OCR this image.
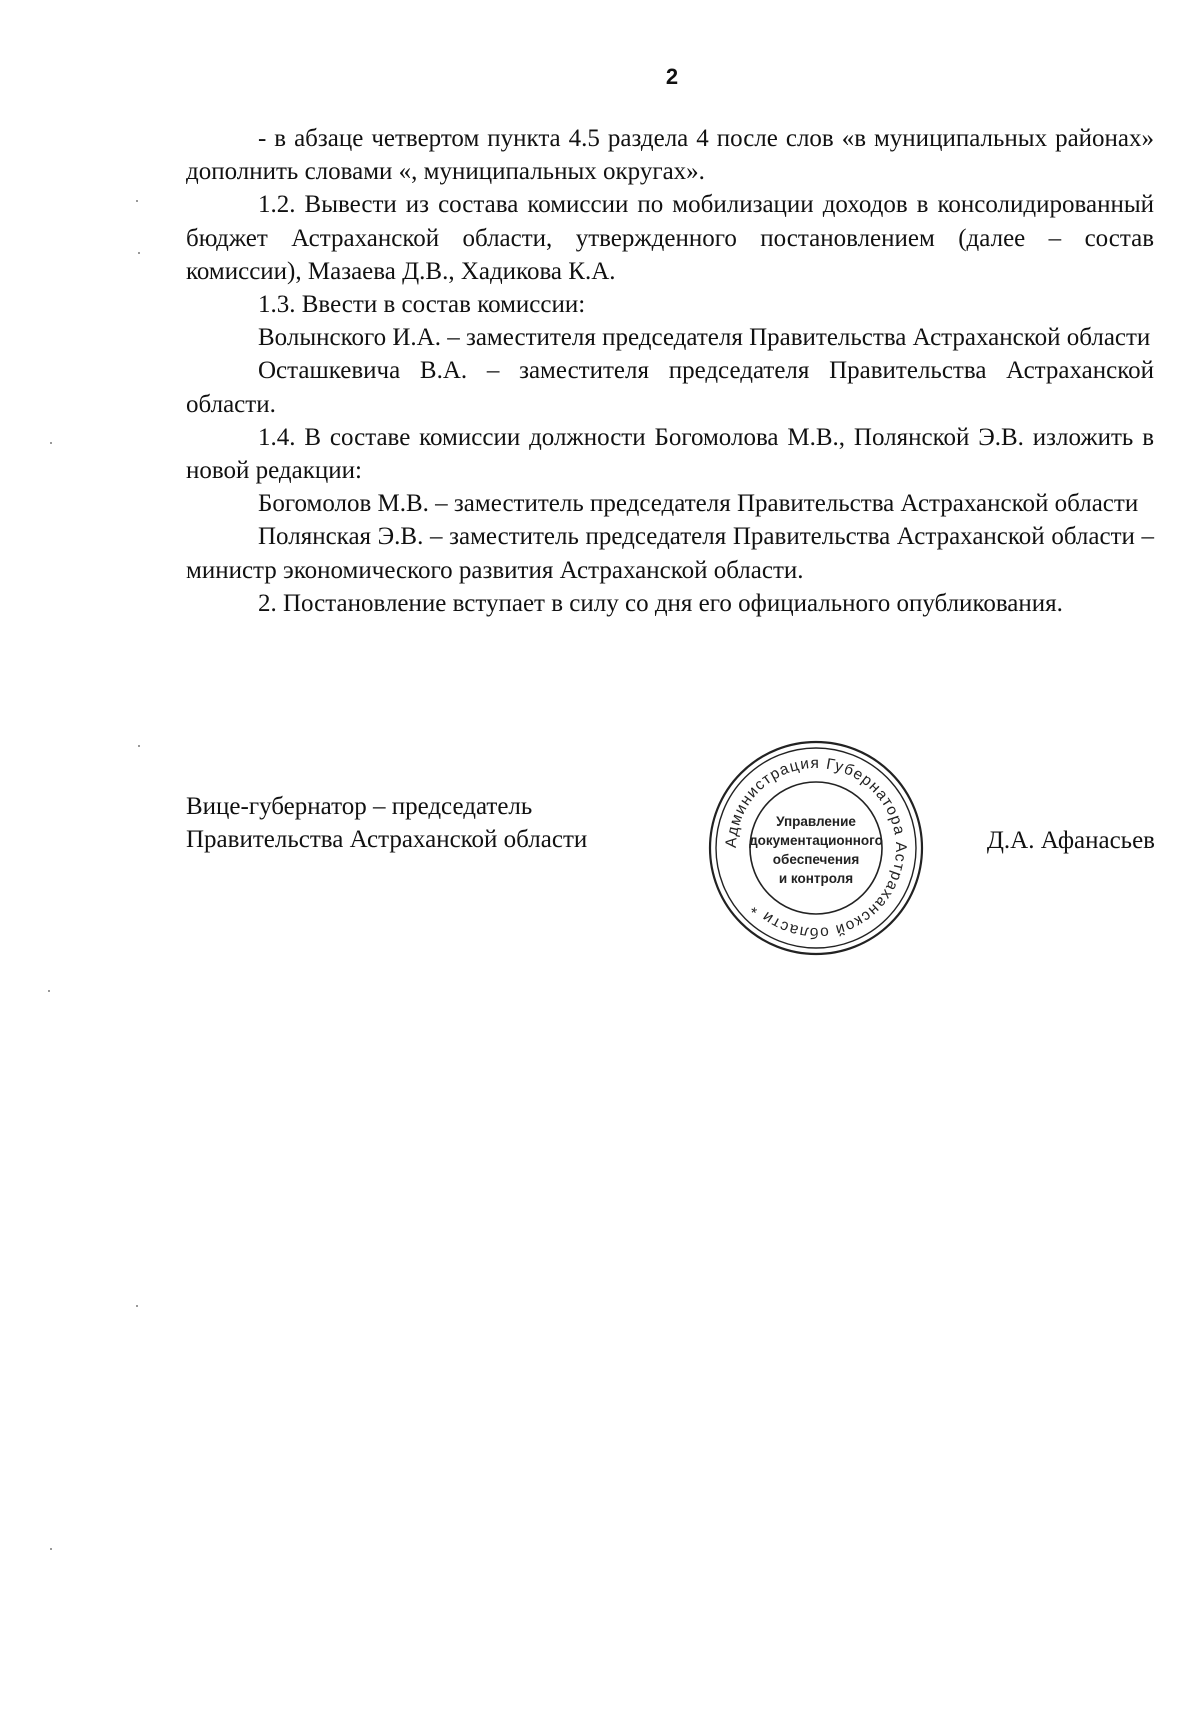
2

- в абзаце четвертом пункта 4.5 раздела 4 после слов «в муниципальных районах» дополнить словами «, муниципальных округах».

1.2. Вывести из состава комиссии по мобилизации доходов в консолидированный бюджет Астраханской области, утвержденного постановлением (далее – состав комиссии), Мазаева Д.В., Хадикова К.А.

1.3. Ввести в состав комиссии:

Волынского И.А. – заместителя председателя Правительства Астраханской области

Осташкевича В.А. – заместителя председателя Правительства Астраханской области.

1.4. В составе комиссии должности Богомолова М.В., Полянской Э.В. изложить в новой редакции:

Богомолов М.В. – заместитель председателя Правительства Астраханской области

Полянская Э.В. – заместитель председателя Правительства Астраханской области – министр экономического развития Астраханской области.

2. Постановление вступает в силу со дня его официального опубликования.

Вице-губернатор – председатель
Правительства Астраханской области	Администрация Губернатора Астраханской области *
Управление
документационного
обеспечения
и контроля
Д.А. Афанасьев
